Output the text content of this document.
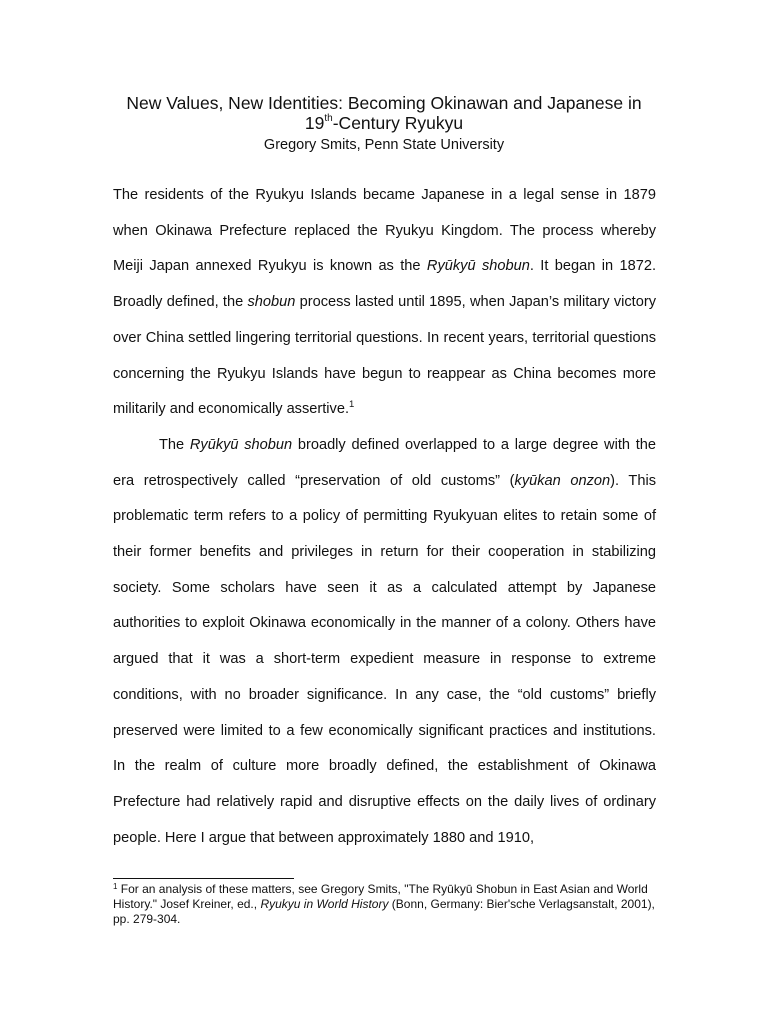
New Values, New Identities: Becoming Okinawan and Japanese in
19th-Century Ryukyu
Gregory Smits, Penn State University

The residents of the Ryukyu Islands became Japanese in a legal sense in 1879 when Okinawa Prefecture replaced the Ryukyu Kingdom. The process whereby Meiji Japan annexed Ryukyu is known as the Ryūkyū shobun. It began in 1872. Broadly defined, the shobun process lasted until 1895, when Japan’s military victory over China settled lingering territorial questions. In recent years, territorial questions concerning the Ryukyu Islands have begun to reappear as China becomes more militarily and economically assertive.$^1$

The Ryūkyū shobun broadly defined overlapped to a large degree with the era retrospectively called “preservation of old customs” (kyūkan onzon). This problematic term refers to a policy of permitting Ryukyuan elites to retain some of their former benefits and privileges in return for their cooperation in stabilizing society. Some scholars have seen it as a calculated attempt by Japanese authorities to exploit Okinawa economically in the manner of a colony. Others have argued that it was a short-term expedient measure in response to extreme conditions, with no broader significance. In any case, the “old customs” briefly preserved were limited to a few economically significant practices and institutions. In the realm of culture more broadly defined, the establishment of Okinawa Prefecture had relatively rapid and disruptive effects on the daily lives of ordinary people. Here I argue that between approximately 1880 and 1910,

$^1$ For an analysis of these matters, see Gregory Smits, "The Ryūkyū Shobun in East Asian and World History." Josef Kreiner, ed., Ryukyu in World History (Bonn, Germany: Bier'sche Verlagsanstalt, 2001), pp. 279-304.
